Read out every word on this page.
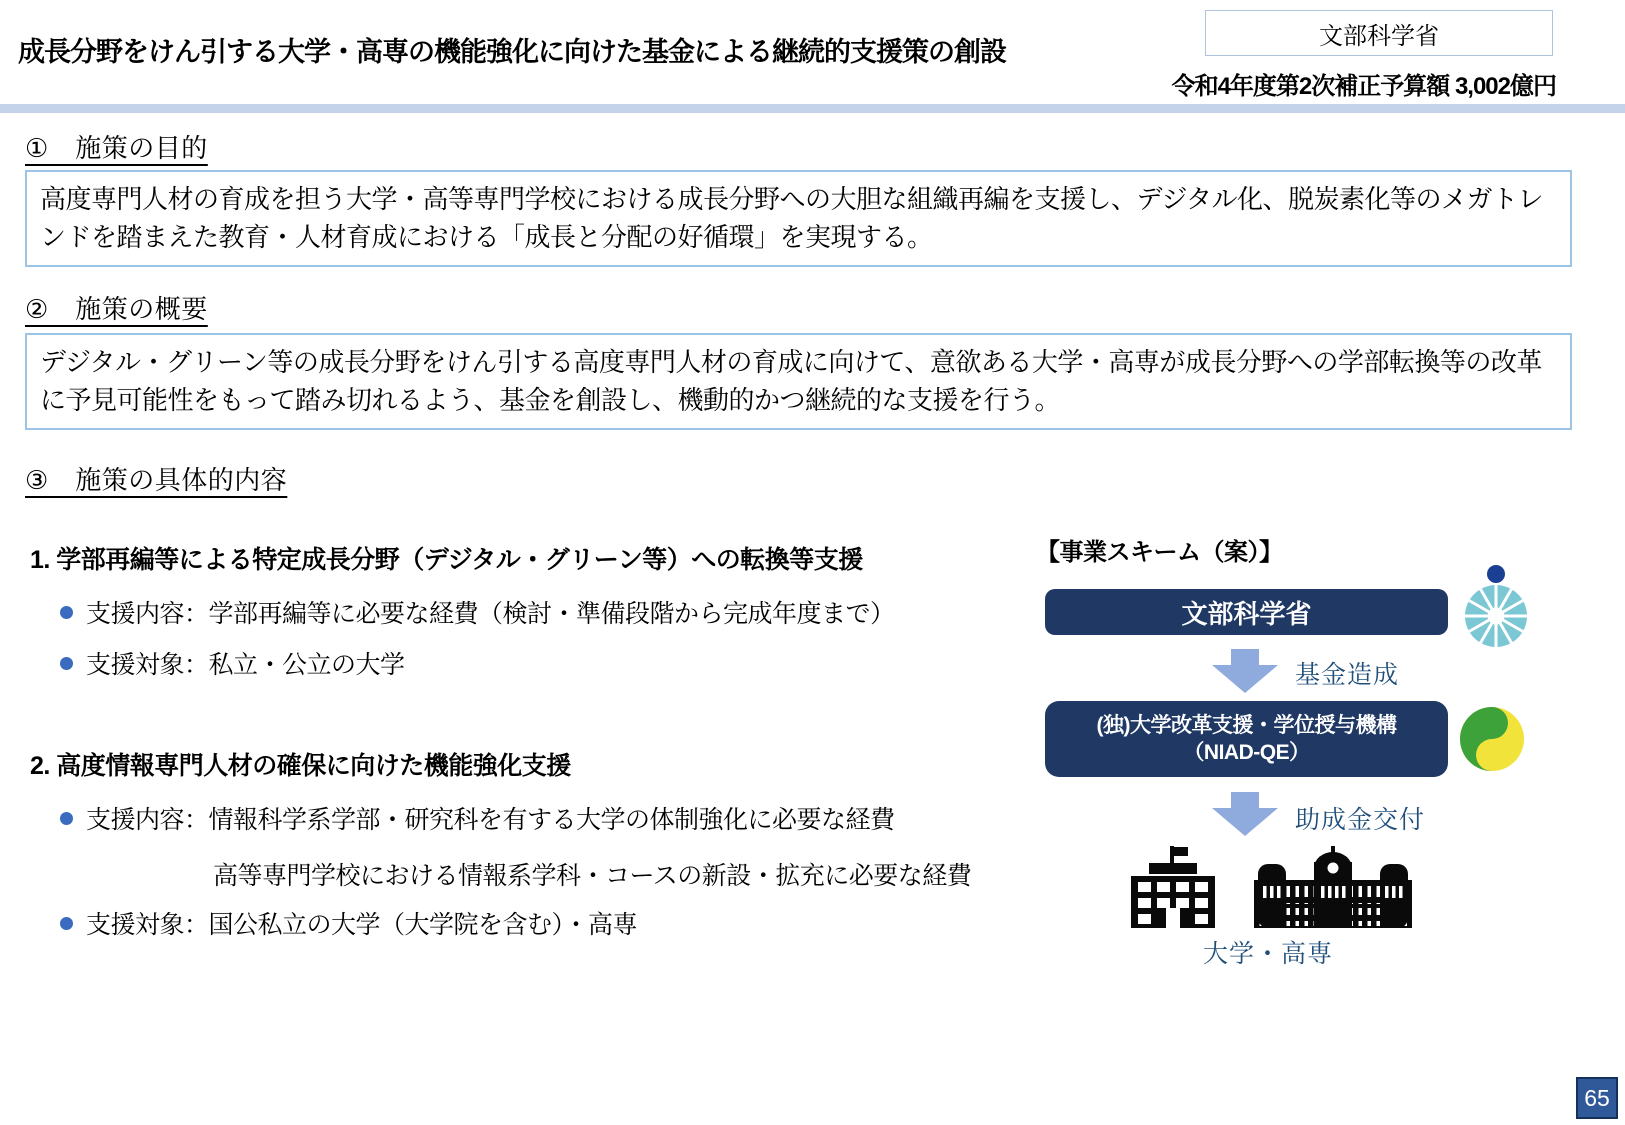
成長分野をけん引する大学・高専の機能強化に向けた基金による継続的支援策の創設
文部科学省
令和4年度第2次補正予算額 3,002億円
①　施策の目的
高度専門人材の育成を担う大学・高等専門学校における成長分野への大胆な組織再編を支援し、デジタル化、脱炭素化等のメガトレンドを踏まえた教育・人材育成における「成長と分配の好循環」を実現する。
②　施策の概要
デジタル・グリーン等の成長分野をけん引する高度専門人材の育成に向けて、意欲ある大学・高専が成長分野への学部転換等の改革に予見可能性をもって踏み切れるよう、基金を創設し、機動的かつ継続的な支援を行う。
③　施策の具体的内容
1. 学部再編等による特定成長分野（デジタル・グリーン等）への転換等支援
支援内容：学部再編等に必要な経費（検討・準備段階から完成年度まで）
支援対象：私立・公立の大学
2. 高度情報専門人材の確保に向けた機能強化支援
支援内容：情報科学系学部・研究科を有する大学の体制強化に必要な経費
高等専門学校における情報系学科・コースの新設・拡充に必要な経費
支援対象：国公私立の大学（大学院を含む）・高専
【事業スキーム（案）】
文部科学省
基金造成
(独)大学改革支援・学位授与機構
（NIAD-QE）
助成金交付
大学・高専
65
